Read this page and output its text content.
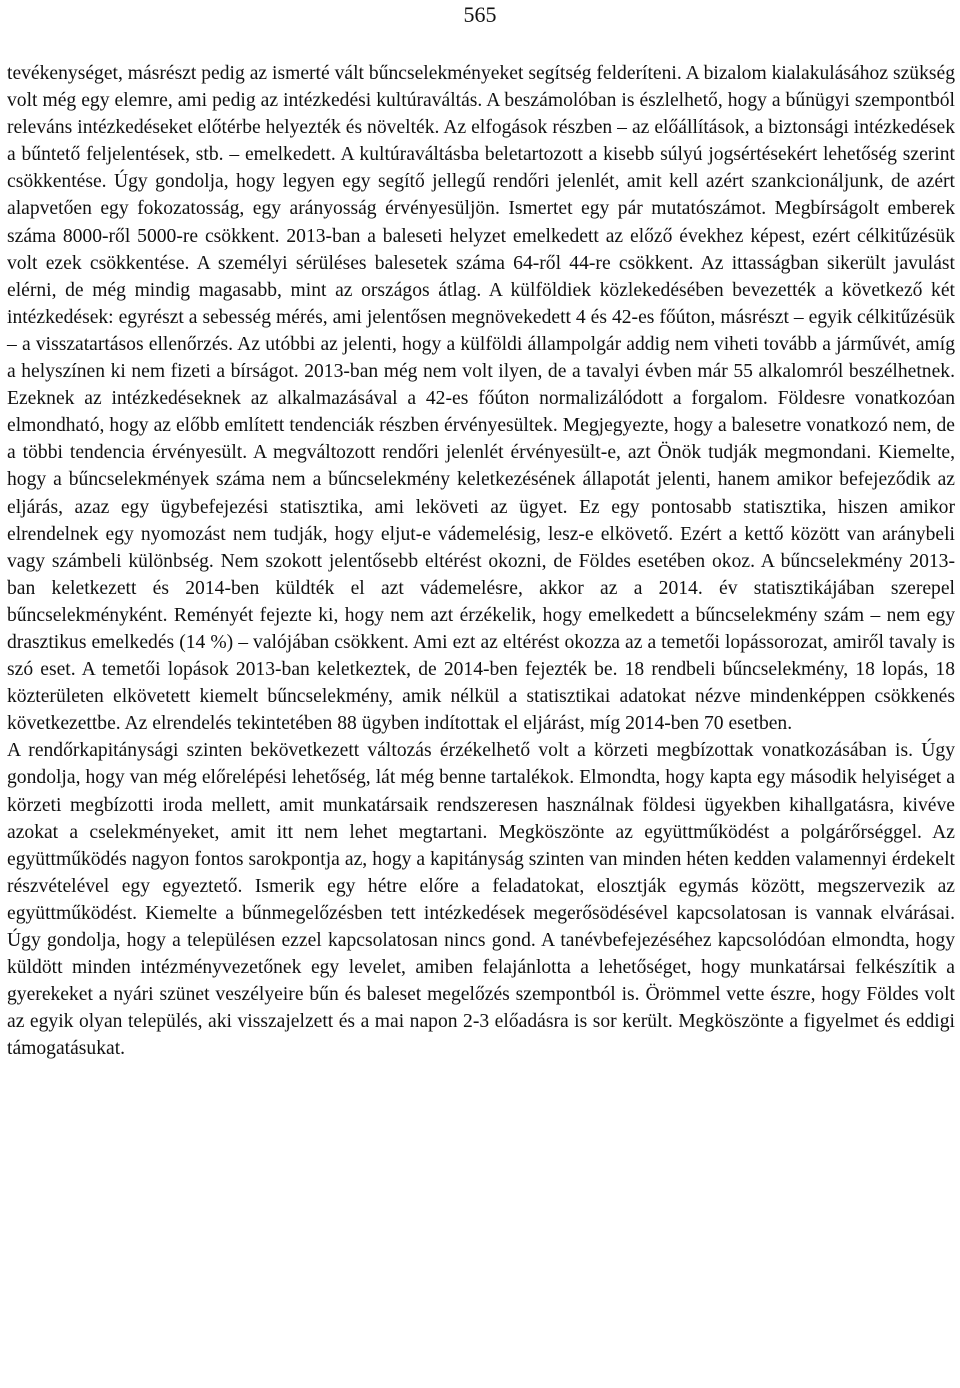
565

tevékenységet, másrészt pedig az ismerté vált bűncselekményeket segítség felderíteni. A bizalom kialakulásához szükség volt még egy elemre, ami pedig az intézkedési kultúraváltás. A beszámolóban is észlelhető, hogy a bűnügyi szempontból releváns intézkedéseket előtérbe helyezték és növelték. Az elfogások részben – az előállítások, a biztonsági intézkedések a bűntető feljelentések, stb. – emelkedett. A kultúraváltásba beletartozott a kisebb súlyú jogsértésekért lehetőség szerint csökkentése. Úgy gondolja, hogy legyen egy segítő jellegű rendőri jelenlét, amit kell azért szankcionáljunk, de azért alapvetően egy fokozatosság, egy arányosság érvényesüljön. Ismertet egy pár mutatószámot. Megbírságolt emberek száma 8000-ről 5000-re csökkent. 2013-ban a baleseti helyzet emelkedett az előző évekhez képest, ezért célkitűzésük volt ezek csökkentése. A személyi sérüléses balesetek száma 64-ről 44-re csökkent. Az ittasságban sikerült javulást elérni, de még mindig magasabb, mint az országos átlag. A külföldiek közlekedésében bevezették a következő két intézkedések: egyrészt a sebesség mérés, ami jelentősen megnövekedett 4 és 42-es főúton, másrészt – egyik célkitűzésük – a visszatartásos ellenőrzés. Az utóbbi az jelenti, hogy a külföldi állampolgár addig nem viheti tovább a járművét, amíg a helyszínen ki nem fizeti a bírságot. 2013-ban még nem volt ilyen, de a tavalyi évben már 55 alkalomról beszélhetnek. Ezeknek az intézkedéseknek az alkalmazásával a 42-es főúton normalizálódott a forgalom. Földesre vonatkozóan elmondható, hogy az előbb említett tendenciák részben érvényesültek. Megjegyezte, hogy a balesetre vonatkozó nem, de a többi tendencia érvényesült. A megváltozott rendőri jelenlét érvényesült-e, azt Önök tudják megmondani. Kiemelte, hogy a bűncselekmények száma nem a bűncselekmény keletkezésének állapotát jelenti, hanem amikor befejeződik az eljárás, azaz egy ügybefejezési statisztika, ami leköveti az ügyet. Ez egy pontosabb statisztika, hiszen amikor elrendelnek egy nyomozást nem tudják, hogy eljut-e vádemelésig, lesz-e elkövető. Ezért a kettő között van aránybeli vagy számbeli különbség. Nem szokott jelentősebb eltérést okozni, de Földes esetében okoz. A bűncselekmény 2013-ban keletkezett és 2014-ben küldték el azt vádemelésre, akkor az a 2014. év statisztikájában szerepel bűncselekményként. Reményét fejezte ki, hogy nem azt érzékelik, hogy emelkedett a bűncselekmény szám – nem egy drasztikus emelkedés (14 %) – valójában csökkent. Ami ezt az eltérést okozza az a temetői lopássorozat, amiről tavaly is szó eset. A temetői lopások 2013-ban keletkeztek, de 2014-ben fejezték be. 18 rendbeli bűncselekmény, 18 lopás, 18 közterületen elkövetett kiemelt bűncselekmény, amik nélkül a statisztikai adatokat nézve mindenképpen csökkenés következettbe. Az elrendelés tekintetében 88 ügyben indítottak el eljárást, míg 2014-ben 70 esetben.

A rendőrkapitánysági szinten bekövetkezett változás érzékelhető volt a körzeti megbízottak vonatkozásában is. Úgy gondolja, hogy van még előrelépési lehetőség, lát még benne tartalékok. Elmondta, hogy kapta egy második helyiséget a körzeti megbízotti iroda mellett, amit munkatársaik rendszeresen használnak földesi ügyekben kihallgatásra, kivéve azokat a cselekményeket, amit itt nem lehet megtartani. Megköszönte az együttműködést a polgárőrséggel. Az együttműködés nagyon fontos sarokpontja az, hogy a kapitányság szinten van minden héten kedden valamennyi érdekelt részvételével egy egyeztető. Ismerik egy hétre előre a feladatokat, elosztják egymás között, megszervezik az együttműködést. Kiemelte a bűnmegelőzésben tett intézkedések megerősödésével kapcsolatosan is vannak elvárásai. Úgy gondolja, hogy a településen ezzel kapcsolatosan nincs gond. A tanévbefejezéséhez kapcsolódóan elmondta, hogy küldött minden intézményvezetőnek egy levelet, amiben felajánlotta a lehetőséget, hogy munkatársai felkészítik a gyerekeket a nyári szünet veszélyeire bűn és baleset megelőzés szempontból is. Örömmel vette észre, hogy Földes volt az egyik olyan település, aki visszajelzett és a mai napon 2-3 előadásra is sor került. Megköszönte a figyelmet és eddigi támogatásukat.
